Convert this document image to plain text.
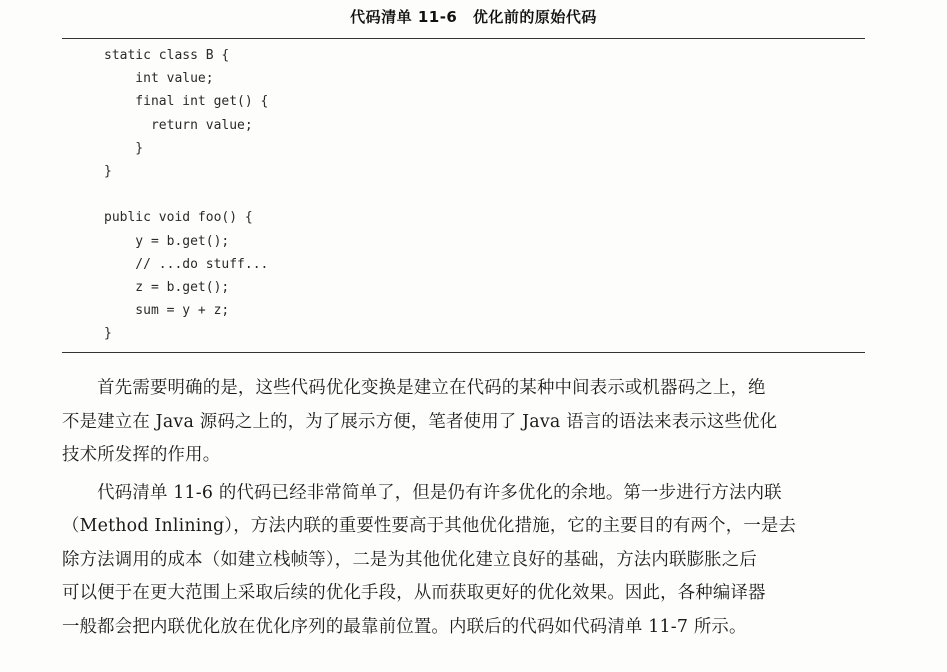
代码清单 11-6　优化前的原始代码
static class B {
int value;
final int get() {
return value;
}
}
public void foo() {
y = b.get();
// ...do stuff...
z = b.get();
sum = y + z;
}

　　首先需要明确的是，这些代码优化变换是建立在代码的某种中间表示或机器码之上，绝

不是建立在 Java 源码之上的，为了展示方便，笔者使用了 Java 语言的语法来表示这些优化

技术所发挥的作用。

　　代码清单 11-6 的代码已经非常简单了，但是仍有许多优化的余地。第一步进行方法内联

（Method Inlining），方法内联的重要性要高于其他优化措施，它的主要目的有两个，一是去

除方法调用的成本（如建立栈帧等），二是为其他优化建立良好的基础，方法内联膨胀之后

可以便于在更大范围上采取后续的优化手段，从而获取更好的优化效果。因此，各种编译器

一般都会把内联优化放在优化序列的最靠前位置。内联后的代码如代码清单 11-7 所示。
